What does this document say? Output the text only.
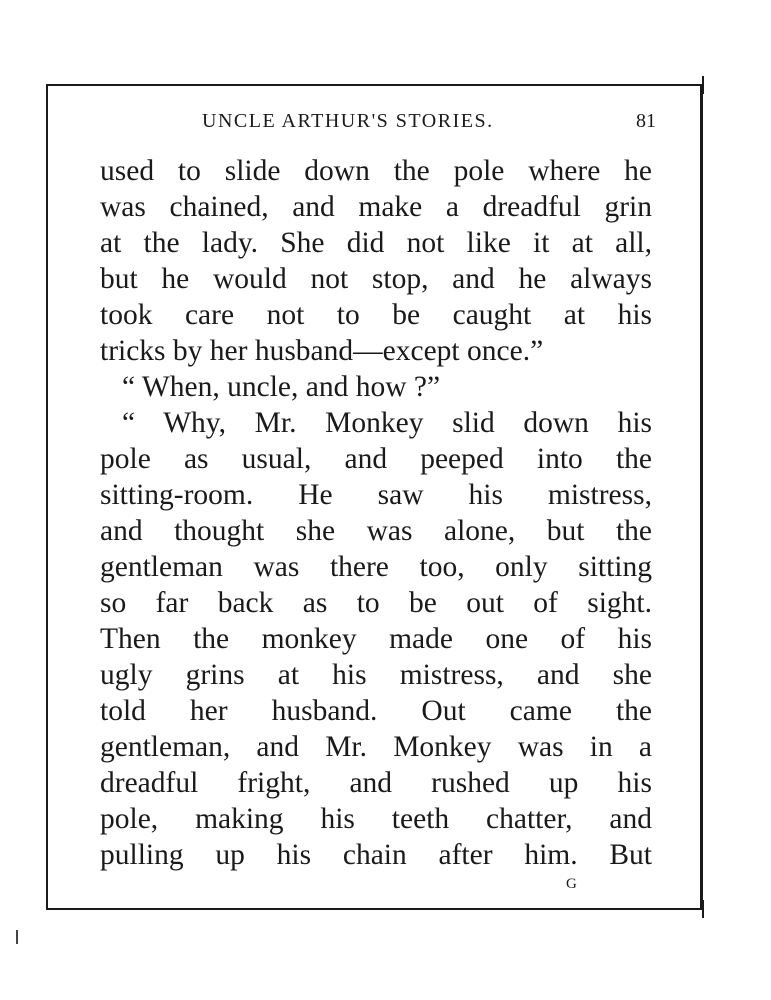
UNCLE ARTHUR'S STORIES.	81
used to slide down the pole where he
was chained, and make a dreadful grin
at the lady. She did not like it at all,
but he would not stop, and he always
took care not to be caught at his
tricks by her husband—except once.”
“ When, uncle, and how ?”
“ Why, Mr. Monkey slid down his
pole as usual, and peeped into the
sitting-room. He saw his mistress,
and thought she was alone, but the
gentleman was there too, only sitting
so far back as to be out of sight.
Then the monkey made one of his
ugly grins at his mistress, and she
told her husband. Out came the
gentleman, and Mr. Monkey was in a
dreadful fright, and rushed up his
pole, making his teeth chatter, and
pulling up his chain after him. But
G
